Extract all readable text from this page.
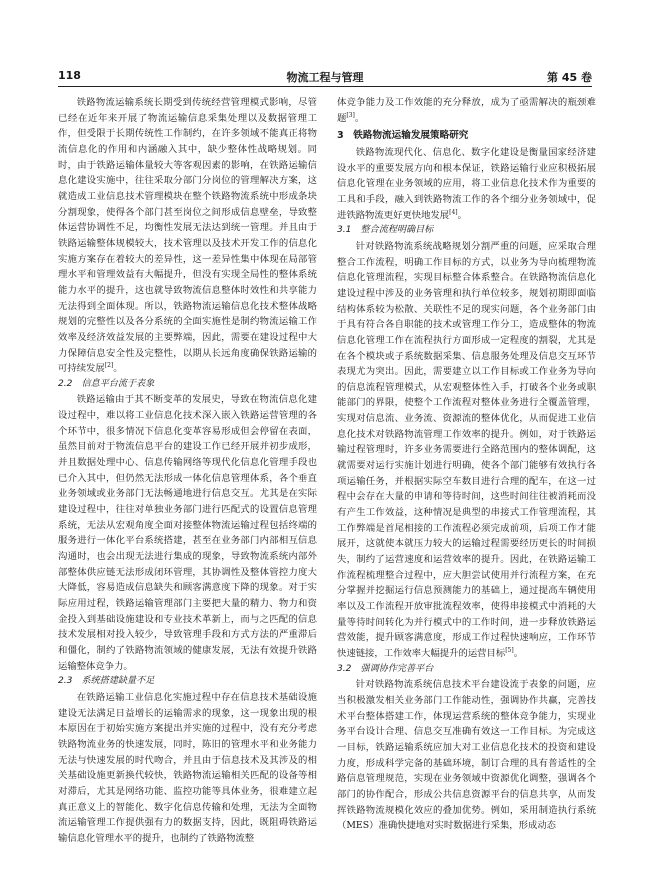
118	物流工程与管理	第 45 卷

铁路物流运输系统长期受到传统经营管理模式影响，尽管已经在近年来开展了物流运输信息采集处理以及数据管理工作，但受限于长期传统性工作制约，在许多领域不能真正将物流信息化的作用和内涵融入其中，缺少整体性战略规划。同时，由于铁路运输体量较大等客观因素的影响，在铁路运输信息化建设实施中，往往采取分部门分岗位的管理解决方案，这就造成工业信息技术管理模块在整个铁路物流系统中形成条块分割现象，使得各个部门甚至岗位之间形成信息壁垒，导致整体运营协调性不足，均衡性发展无法达到统一管理。并且由于铁路运输整体规模较大，技术管理以及技术开发工作的信息化实施方案存在着较大的差异性，这一差异性集中体现在局部管理水平和管理效益有大幅提升，但没有实现全局性的整体系统能力水平的提升，这也就导致物流信息整体时效性和共享能力无法得到全面体现。所以，铁路物流运输信息化技术整体战略规划的完整性以及各分系统的全面实施性是制约物流运输工作效率及经济效益发展的主要弊端，因此，需要在建设过程中大力保障信息安全性及完整性，以期从长远角度确保铁路运输的可持续发展[2]。

2.2　信息平台流于表象

铁路运输由于其不断变革的发展史，导致在物流信息化建设过程中，难以将工业信息化技术深入嵌入铁路运营管理的各个环节中，很多情况下信息化变革容易形成但会停留在表面，虽然目前对于物流信息平台的建设工作已经开展并初步成形，并且数据处理中心、信息传输网络等现代化信息化管理手段也已介入其中，但仍然无法形成一体化信息管理体系，各个垂直业务领域或业务部门无法畅通地进行信息交互。尤其是在实际建设过程中，往往对单独业务部门进行匹配式的设置信息管理系统，无法从宏观角度全面对接整体物流运输过程包括终端的服务进行一体化平台系统搭建，甚至在业务部门内部相互信息沟通时，也会出现无法进行集成的现象，导致物流系统内部外部整体供应链无法形成闭环管理，其协调性及整体管控力度大大降低，容易造成信息缺失和顾客满意度下降的现象。对于实际应用过程，铁路运输管理部门主要把大量的精力、物力和资金投入到基础设施建设和专业技术革新上，而与之匹配的信息技术发展相对投入较少，导致管理手段和方式方法的严重滞后和僵化，制约了铁路物流领域的健康发展，无法有效提升铁路运输整体竞争力。

2.3　系统搭建缺量不足

在铁路运输工业信息化实施过程中存在信息技术基础设施建设无法满足日益增长的运输需求的现象，这一现象出现的根本原因在于初始实施方案提出并实施的过程中，没有充分考虑铁路物流业务的快速发展，同时，陈旧的管理水平和业务能力无法与快速发展的时代吻合，并且由于信息技术及其涉及的相关基础设施更新换代较快，铁路物流运输相关匹配的设备等相对滞后，尤其是网络功能、监控功能等具体业务，很难建立起真正意义上的智能化、数字化信息传输和处理，无法为全面物流运输管理工作提供强有力的数据支持，因此，既阻碍铁路运输信息化管理水平的提升，也制约了铁路物流整

体竞争能力及工作效能的充分释放，成为了亟需解决的瓶颈难题[3]。

3　铁路物流运输发展策略研究

铁路物流现代化、信息化、数字化建设是衡量国家经济建设水平的重要发展方向和根本保证，铁路运输行业应积极拓展信息化管理在业务领域的应用，将工业信息化技术作为重要的工具和手段，融入到铁路物流工作的各个细分业务领域中，促进铁路物流更好更快地发展[4]。

3.1　整合流程明确目标

针对铁路物流系统战略规划分割严重的问题，应采取合理整合工作流程，明确工作目标的方式，以业务为导向梳理物流信息化管理流程，实现目标整合体系整合。在铁路物流信息化建设过程中涉及的业务管理和执行单位较多，规划初期即面临结构体系较为松散、关联性不足的现实问题，各个业务部门由于具有符合各自职能的技术或管理工作分工，造成整体的物流信息化管理工作在流程执行方面形成一定程度的割裂，尤其是在各个模块或子系统数据采集、信息服务处理及信息交互环节表现尤为突出。因此，需要建立以工作目标或工作业务为导向的信息流程管理模式，从宏观整体性入手，打破各个业务或职能部门的界限，使整个工作流程对整体业务进行全覆盖管理，实现对信息流、业务流、资源流的整体优化，从而促进工业信息化技术对铁路物流管理工作效率的提升。例如，对于铁路运输过程管理时，许多业务需要进行全路范围内的整体调配，这就需要对运行实施计划进行明确，使各个部门能够有效执行各项运输任务，并根据实际空车数目进行合理的配车，在这一过程中会存在大量的申请和等待时间，这些时间往往被消耗而没有产生工作效益，这种情况是典型的串接式工作管理流程，其工作弊端是首尾相接的工作流程必须完成前项，后项工作才能展开，这就使本就压力较大的运输过程需要经历更长的时间损失，制约了运营速度和运营效率的提升。因此，在铁路运输工作流程梳理整合过程中，应大胆尝试使用并行流程方案，在充分掌握并挖掘运行信息预测能力的基础上，通过提高车辆使用率以及工作流程开放审批流程效率，使得串接模式中消耗的大量等待时间转化为并行模式中的工作时间，进一步释放铁路运营效能，提升顾客满意度，形成工作过程快速响应，工作环节快速链接，工作效率大幅提升的运营目标[5]。

3.2　强调协作完善平台

针对铁路物流系统信息技术平台建设流于表象的问题，应当积极激发相关业务部门工作能动性，强调协作共赢，完善技术平台整体搭建工作，体现运营系统的整体竞争能力，实现业务平台设计合理、信息交互准确有效这一工作目标。为完成这一目标，铁路运输系统应加大对工业信息化技术的投资和建设力度，形成科学完备的基础环境，制订合理的具有普适性的全路信息管理规范，实现在业务领域中资源优化调整，强调各个部门的协作配合，形成公共信息资源平台的信息共享，从而发挥铁路物流规模化效应的叠加优势。例如，采用制造执行系统（MES）准确快捷地对实时数据进行采集，形成动态
